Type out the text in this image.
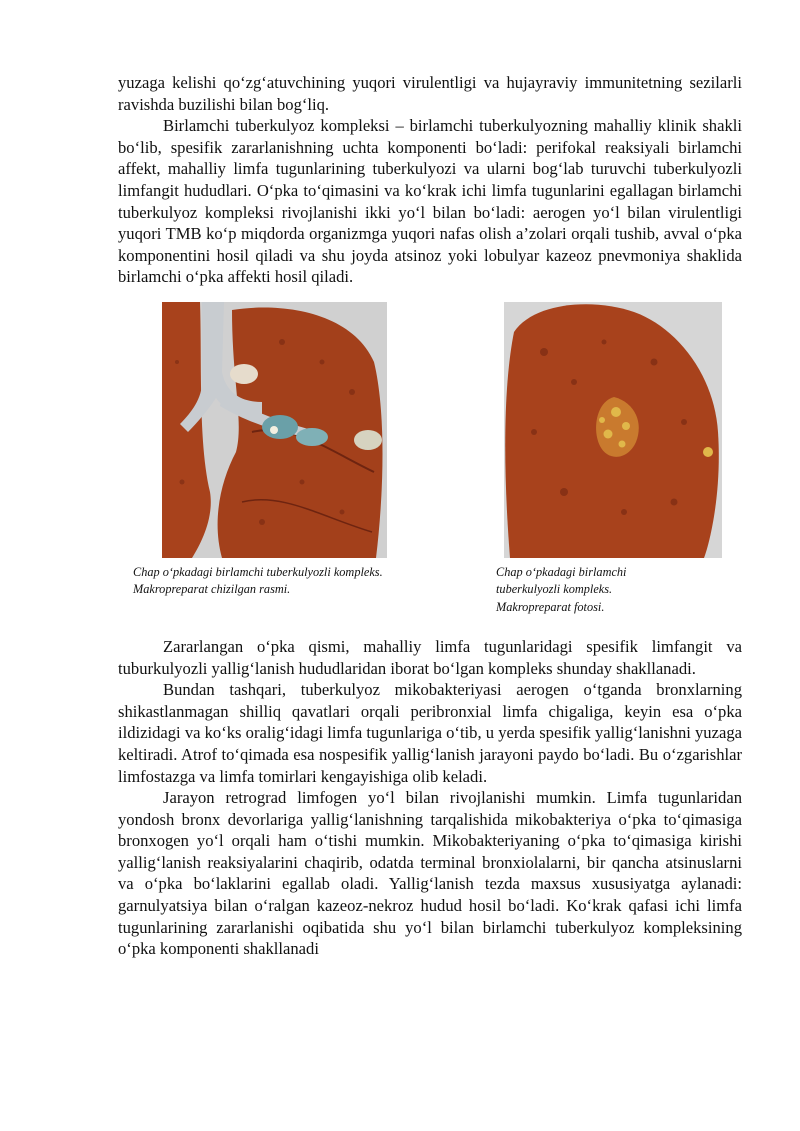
yuzaga kelishi qo‘zg‘atuvchining yuqori virulentligi va hujayraviy immunitetning sezilarli ravishda buzilishi bilan bog‘liq.

Birlamchi tuberkulyoz kompleksi – birlamchi tuberkulyozning mahalliy klinik shakli bo‘lib, spesifik zararlanishning uchta komponenti bo‘ladi: perifokal reaksiyali birlamchi affekt, mahalliy limfa tugunlarining tuberkulyozi va ularni bog‘lab turuvchi tuberkulyozli limfangit hududlari. O‘pka to‘qimasini va ko‘krak ichi limfa tugunlarini egallagan birlamchi tuberkulyoz kompleksi rivojlanishi ikki yo‘l bilan bo‘ladi: aerogen yo‘l bilan virulentligi yuqori TMB ko‘p miqdorda organizmga yuqori nafas olish a’zolari orqali tushib, avval o‘pka komponentini hosil qiladi va shu joyda atsinoz yoki lobulyar kazeoz pnevmoniya shaklida birlamchi o‘pka affekti hosil qiladi.

Chap o‘pkadagi birlamchi tuberkulyozli kompleks. Makropreparat chizilgan rasmi.

Chap o‘pkadagi birlamchi tuberkulyozli kompleks. Makropreparat fotosi.

Zararlangan o‘pka qismi, mahalliy limfa tugunlaridagi spesifik limfangit va tuburkulyozli yallig‘lanish hududlaridan iborat bo‘lgan kompleks shunday shakllanadi.

Bundan tashqari, tuberkulyoz mikobakteriyasi aerogen o‘tganda bronxlarning shikastlanmagan shilliq qavatlari orqali peribronxial limfa chigaliga, keyin esa o‘pka ildizidagi va ko‘ks oralig‘idagi limfa tugunlariga o‘tib, u yerda spesifik yallig‘lanishni yuzaga keltiradi. Atrof to‘qimada esa nospesifik yallig‘lanish jarayoni paydo bo‘ladi. Bu o‘zgarishlar limfostazga va limfa tomirlari kengayishiga olib keladi.

Jarayon retrograd limfogen yo‘l bilan rivojlanishi mumkin. Limfa tugunlaridan yondosh bronx devorlariga yallig‘lanishning tarqalishida mikobakteriya o‘pka to‘qimasiga bronxogen yo‘l orqali ham o‘tishi mumkin. Mikobakteriyaning o‘pka to‘qimasiga kirishi yallig‘lanish reaksiyalarini chaqirib, odatda terminal bronxiolalarni, bir qancha atsinuslarni va o‘pka bo‘laklarini egallab oladi. Yallig‘lanish tezda maxsus xususiyatga aylanadi: garnulyatsiya bilan o‘ralgan kazeoz-nekroz hudud hosil bo‘ladi. Ko‘krak qafasi ichi limfa tugunlarining zararlanishi oqibatida shu yo‘l bilan birlamchi tuberkulyoz kompleksining o‘pka komponenti shakllanadi
